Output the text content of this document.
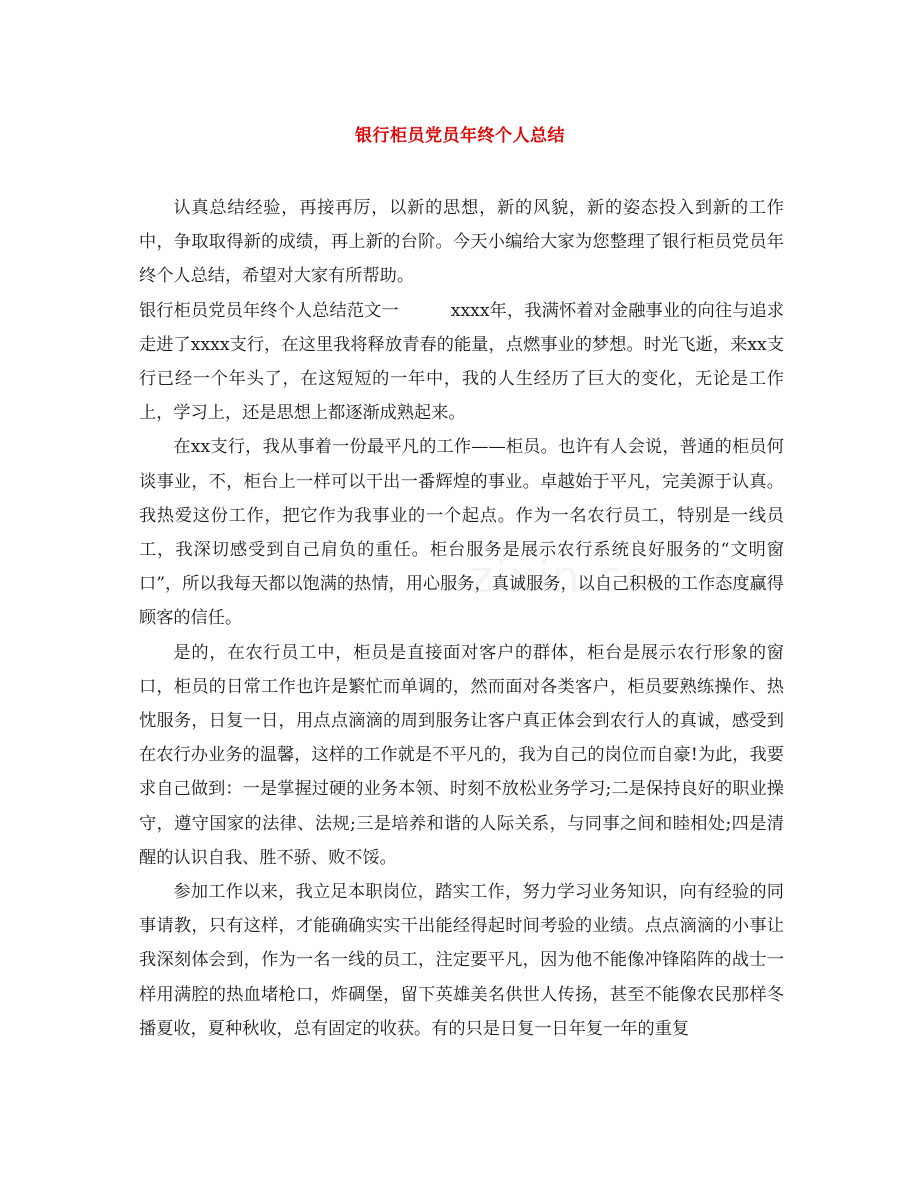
银行柜员党员年终个人总结

认真总结经验，再接再厉，以新的思想，新的风貌，新的姿态投入到新的工作中，争取取得新的成绩，再上新的台阶。今天小编给大家为您整理了银行柜员党员年终个人总结，希望对大家有所帮助。

银行柜员党员年终个人总结范文一　　　xxxx年，我满怀着对金融事业的向往与追求走进了xxxx支行，在这里我将释放青春的能量，点燃事业的梦想。时光飞逝，来xx支行已经一个年头了，在这短短的一年中，我的人生经历了巨大的变化，无论是工作上，学习上，还是思想上都逐渐成熟起来。

在xx支行，我从事着一份最平凡的工作——柜员。也许有人会说，普通的柜员何谈事业，不，柜台上一样可以干出一番辉煌的事业。卓越始于平凡，完美源于认真。我热爱这份工作，把它作为我事业的一个起点。作为一名农行员工，特别是一线员工，我深切感受到自己肩负的重任。柜台服务是展示农行系统良好服务的“文明窗口”，所以我每天都以饱满的热情，用心服务，真诚服务，以自己积极的工作态度赢得顾客的信任。

是的，在农行员工中，柜员是直接面对客户的群体，柜台是展示农行形象的窗口，柜员的日常工作也许是繁忙而单调的，然而面对各类客户，柜员要熟练操作、热忱服务，日复一日，用点点滴滴的周到服务让客户真正体会到农行人的真诚，感受到在农行办业务的温馨，这样的工作就是不平凡的，我为自己的岗位而自豪!为此，我要求自己做到：一是掌握过硬的业务本领、时刻不放松业务学习;二是保持良好的职业操守，遵守国家的法律、法规;三是培养和谐的人际关系，与同事之间和睦相处;四是清醒的认识自我、胜不骄、败不馁。

参加工作以来，我立足本职岗位，踏实工作，努力学习业务知识，向有经验的同事请教，只有这样，才能确确实实干出能经得起时间考验的业绩。点点滴滴的小事让我深刻体会到，作为一名一线的员工，注定要平凡，因为他不能像冲锋陷阵的战士一样用满腔的热血堵枪口，炸碉堡，留下英雄美名供世人传扬，甚至不能像农民那样冬播夏收，夏种秋收，总有固定的收获。有的只是日复一日年复一年的重复
